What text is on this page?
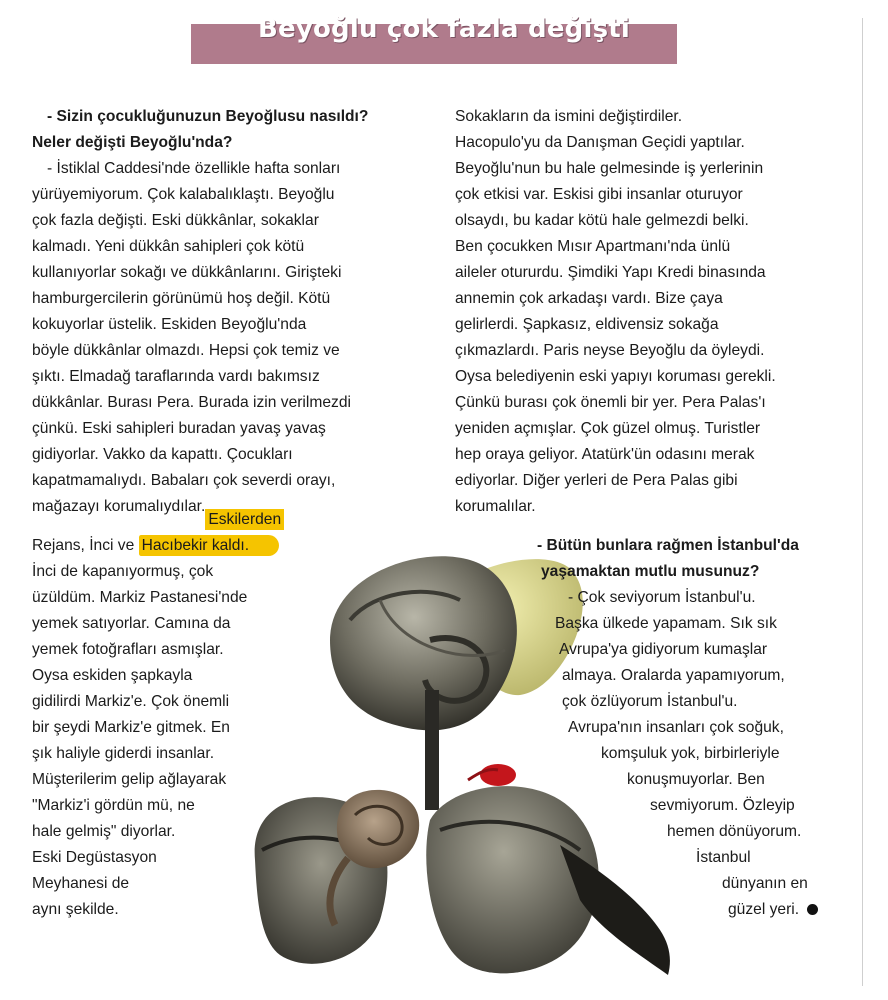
Beyoğlu çok fazla değişti
- Sizin çocukluğunuzun Beyoğlusu nasıldı?
Neler değişti Beyoğlu'nda?
- İstiklal Caddesi'nde özellikle hafta sonları
yürüyemiyorum. Çok kalabalıklaştı. Beyoğlu
çok fazla değişti. Eski dükkânlar, sokaklar
kalmadı. Yeni dükkân sahipleri çok kötü
kullanıyorlar sokağı ve dükkânlarını. Girişteki
hamburgercilerin görünümü hoş değil. Kötü
kokuyorlar üstelik. Eskiden Beyoğlu'nda
böyle dükkânlar olmazdı. Hepsi çok temiz ve
şıktı. Elmadağ taraflarında vardı bakımsız
dükkânlar. Burası Pera. Burada izin verilmezdi
çünkü. Eski sahipleri buradan yavaş yavaş
gidiyorlar. Vakko da kapattı. Çocukları
kapatmamalıydı. Babaları çok severdi orayı,
mağazayı korumalıydılar.
Eskilerden
Rejans, İnci ve Hacıbekir kaldı.
İnci de kapanıyormuş, çok
üzüldüm. Markiz Pastanesi'nde
yemek satıyorlar. Camına da
yemek fotoğrafları asmışlar.
Oysa eskiden şapkayla
gidilirdi Markiz'e. Çok önemli
bir şeydi Markiz'e gitmek. En
şık haliyle giderdi insanlar.
Müşterilerim gelip ağlayarak
"Markiz'i gördün mü, ne
hale gelmiş" diyorlar.
Eski Degüstasyon
Meyhanesi de
aynı şekilde.
Sokakların da ismini değiştirdiler.
Hacopulo'yu da Danışman Geçidi yaptılar.
Beyoğlu'nun bu hale gelmesinde iş yerlerinin
çok etkisi var. Eskisi gibi insanlar oturuyor
olsaydı, bu kadar kötü hale gelmezdi belki.
Ben çocukken Mısır Apartmanı'nda ünlü
aileler otururdu. Şimdiki Yapı Kredi binasında
annemin çok arkadaşı vardı. Bize çaya
gelirlerdi. Şapkasız, eldivensiz sokağa
çıkmazlardı. Paris neyse Beyoğlu da öyleydi.
Oysa belediyenin eski yapıyı koruması gerekli.
Çünkü burası çok önemli bir yer. Pera Palas'ı
yeniden açmışlar. Çok güzel olmuş. Turistler
hep oraya geliyor. Atatürk'ün odasını merak
ediyorlar. Diğer yerleri de Pera Palas gibi
korumalılar.
- Bütün bunlara rağmen İstanbul'da
yaşamaktan mutlu musunuz?
- Çok seviyorum İstanbul'u.
Başka ülkede yapamam. Sık sık
Avrupa'ya gidiyorum kumaşlar
almaya. Oralarda yapamıyorum,
çok özlüyorum İstanbul'u.
Avrupa'nın insanları çok soğuk,
komşuluk yok, birbirleriyle
konuşmuyorlar. Ben
sevmiyorum. Özleyip
hemen dönüyorum.
İstanbul
dünyanın en
güzel yeri.
